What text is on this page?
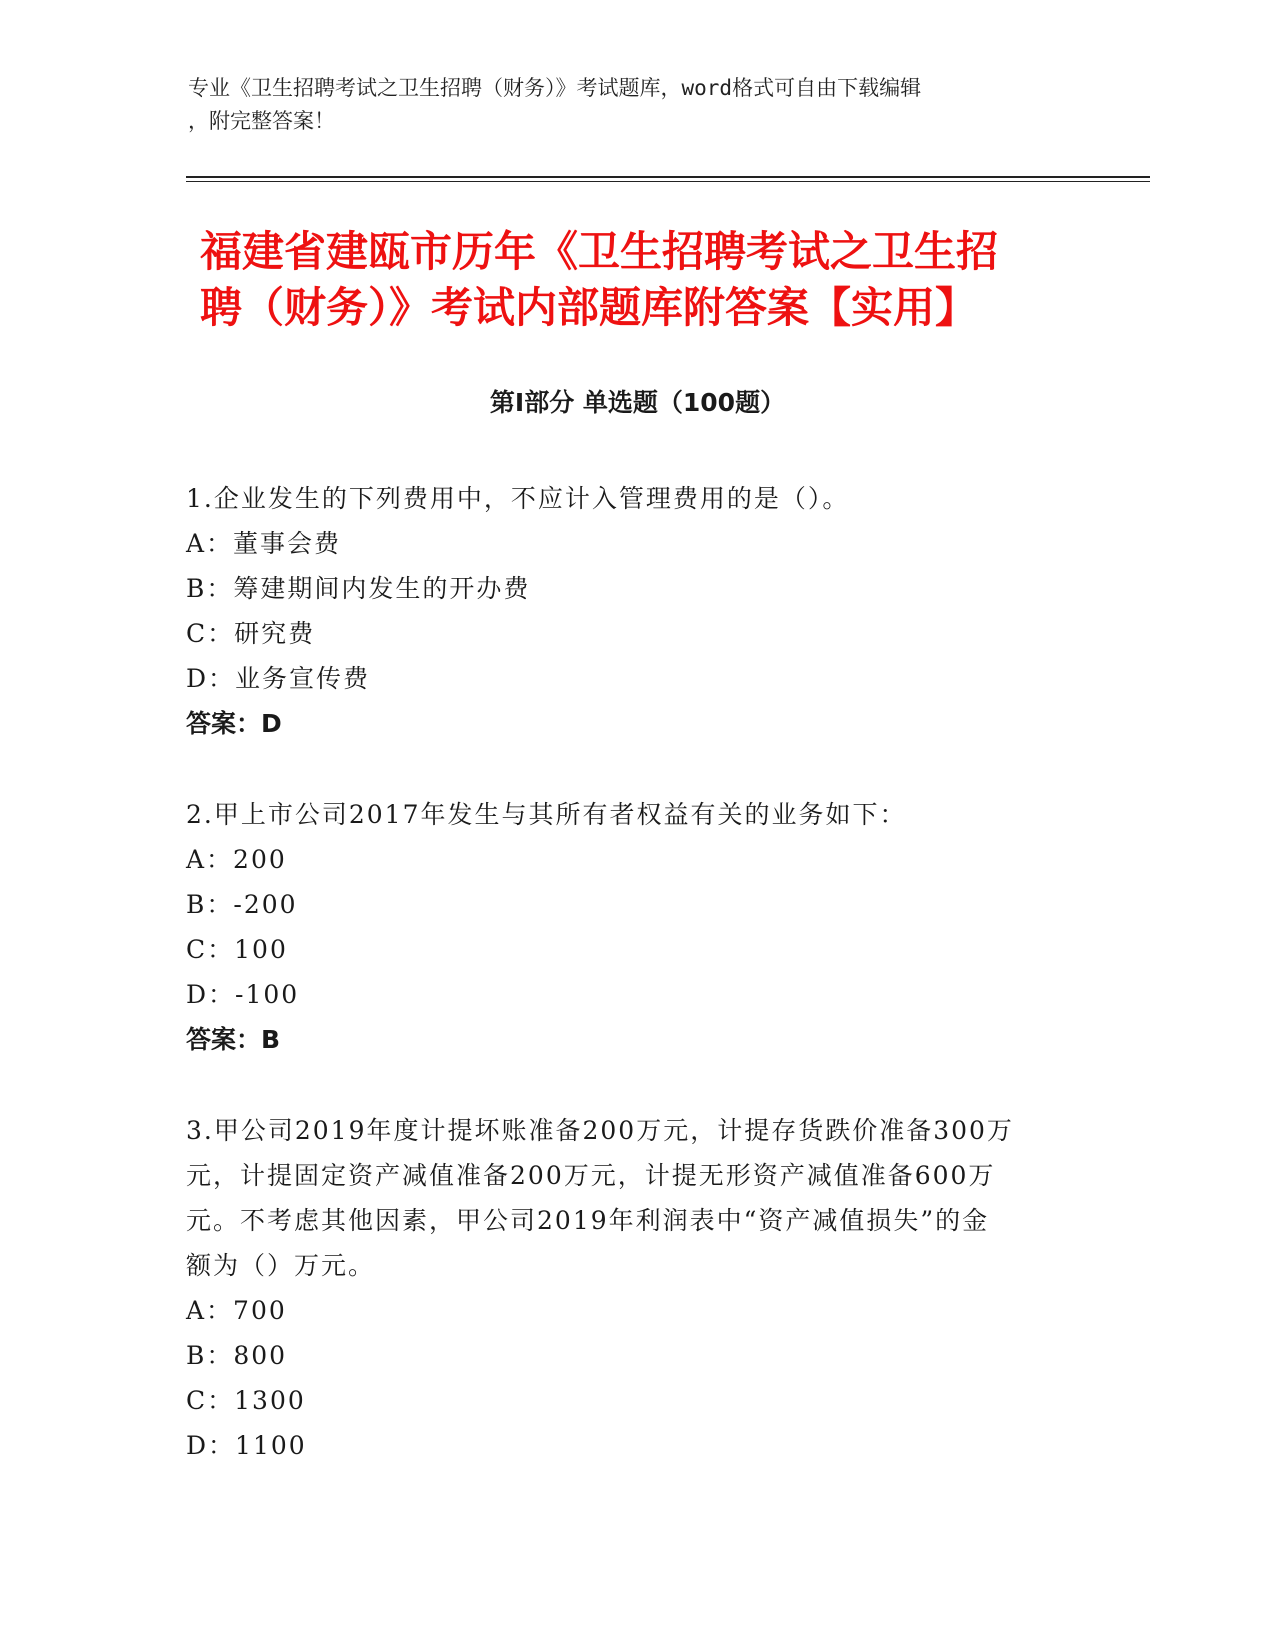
专业《卫生招聘考试之卫生招聘（财务）》考试题库，word格式可自由下载编辑
，附完整答案！
福建省建瓯市历年《卫生招聘考试之卫生招
聘（财务）》考试内部题库附答案【实用】
第Ⅰ部分 单选题（100题）

1.企业发生的下列费用中，不应计入管理费用的是（）。

A：董事会费

B：筹建期间内发生的开办费

C：研究费

D：业务宣传费

答案：D

2.甲上市公司2017年发生与其所有者权益有关的业务如下：

A：200

B：-200

C：100

D：-100

答案：B

3.甲公司2019年度计提坏账准备200万元，计提存货跌价准备300万

元，计提固定资产减值准备200万元，计提无形资产减值准备600万

元。不考虑其他因素，甲公司2019年利润表中“资产减值损失”的金

额为（）万元。

A：700

B：800

C：1300

D：1100
